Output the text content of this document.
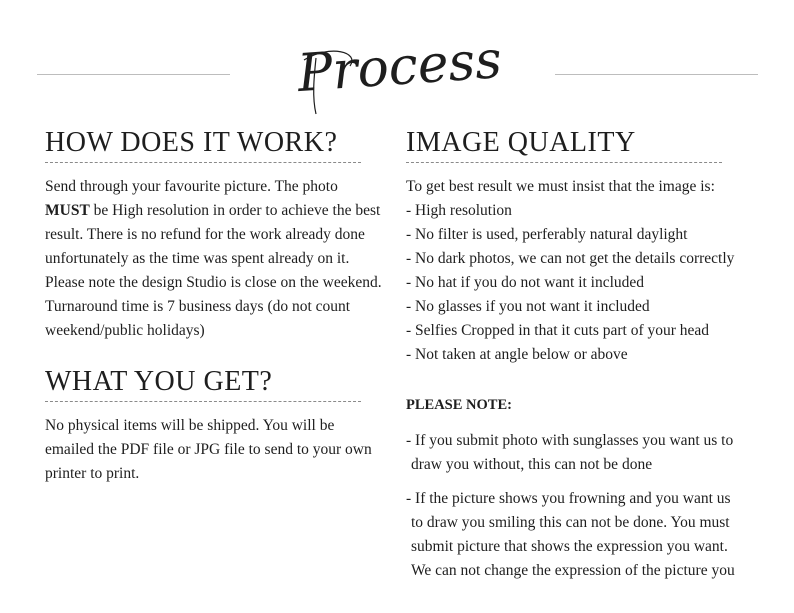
Process
HOW DOES IT WORK?

Send through your favourite picture. The photo MUST be High resolution in order to achieve the best result. There is no refund for the work already done unfortunately as the time was spent already on it. Please note the design Studio is close on the weekend. Turnaround time is 7 business days (do not count weekend/public holidays)

WHAT YOU GET?

No physical items will be shipped. You will be emailed the PDF file or JPG file to send to your own printer to print.

IMAGE QUALITY

To get best result we must insist that the image is:

- High resolution
- No filter is used, perferably natural daylight
- No dark photos, we can not get the details correctly
- No hat if you do not want it included
- No glasses if you not want it included
- Selfies Cropped in that it cuts part of your head
- Not taken at angle below or above
PLEASE NOTE:
- If you submit photo with sunglasses you want us to
draw you without, this can not be done
- If the picture shows you frowning and you want us
to draw you smiling this can not be done. You must
submit picture that shows the expression you want.
We can not change the expression of the picture you
